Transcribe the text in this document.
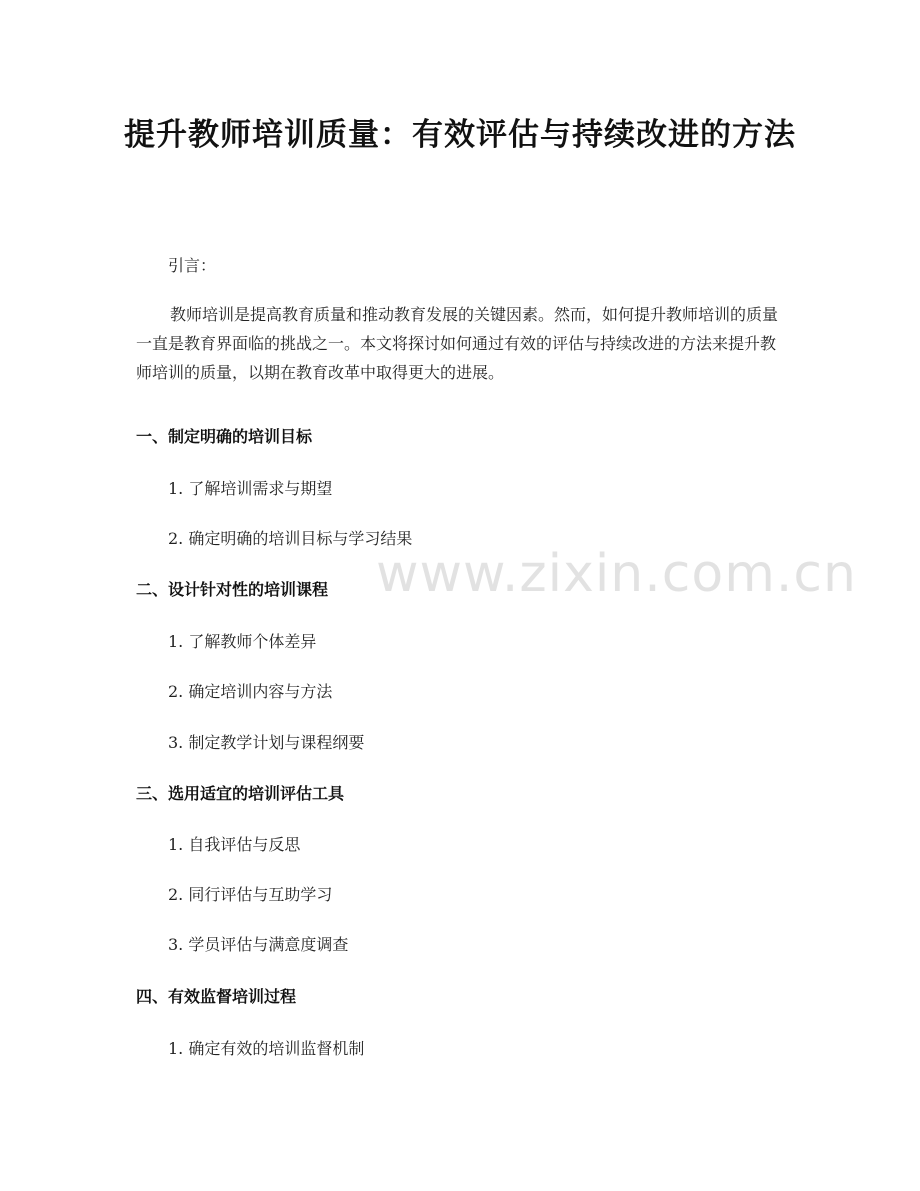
提升教师培训质量：有效评估与持续改进的方法
引言：
教师培训是提高教育质量和推动教育发展的关键因素。然而，如何提升教师培训的质量一直是教育界面临的挑战之一。本文将探讨如何通过有效的评估与持续改进的方法来提升教师培训的质量，以期在教育改革中取得更大的进展。
一、制定明确的培训目标
1. 了解培训需求与期望
2. 确定明确的培训目标与学习结果
二、设计针对性的培训课程
1. 了解教师个体差异
2. 确定培训内容与方法
3. 制定教学计划与课程纲要
三、选用适宜的培训评估工具
1. 自我评估与反思
2. 同行评估与互助学习
3. 学员评估与满意度调查
四、有效监督培训过程
1. 确定有效的培训监督机制
www.zixin.com.cn
